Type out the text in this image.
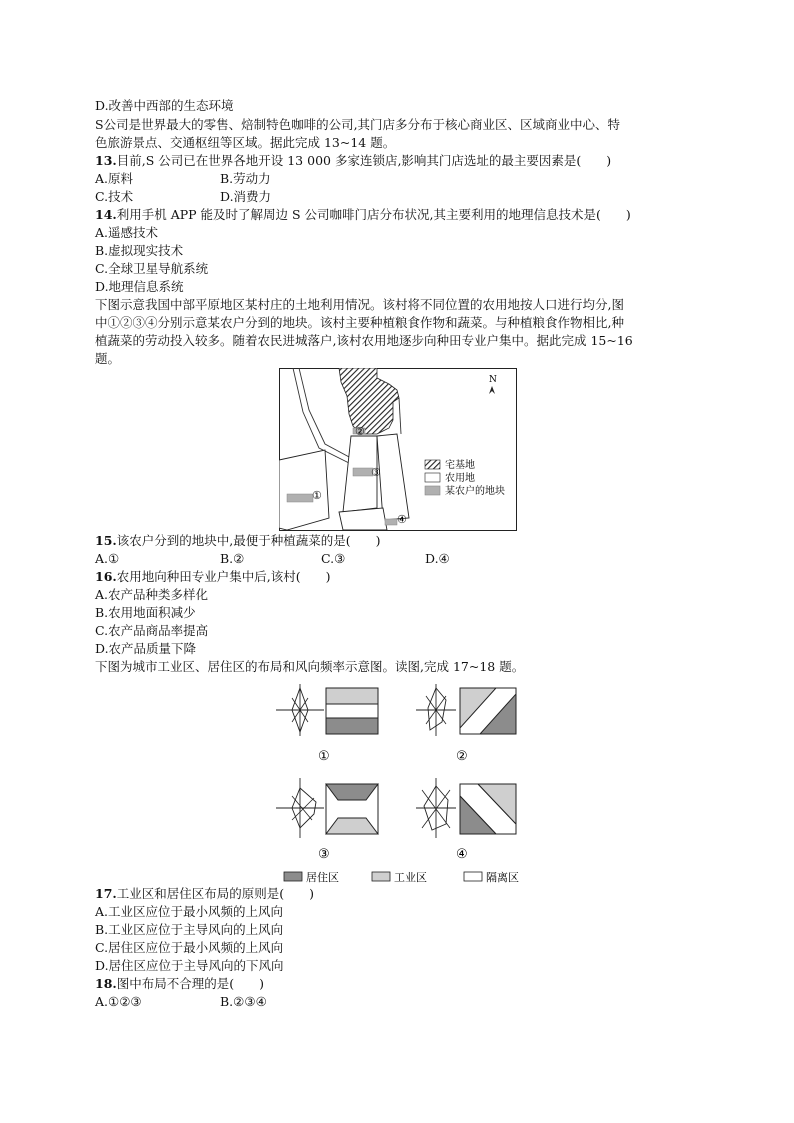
D.改善中西部的生态环境
S公司是世界最大的零售、焙制特色咖啡的公司,其门店多分布于核心商业区、区域商业中心、特
色旅游景点、交通枢纽等区域。据此完成 13~14 题。
13.目前,S 公司已在世界各地开设 13 000 多家连锁店,影响其门店选址的最主要因素是(　　)
A.原料	B.劳动力
C.技术	D.消费力
14.利用手机 APP 能及时了解周边 S 公司咖啡门店分布状况,其主要利用的地理信息技术是(　　)
A.遥感技术
B.虚拟现实技术
C.全球卫星导航系统
D.地理信息系统
下图示意我国中部平原地区某村庄的土地利用情况。该村将不同位置的农用地按人口进行均分,图
中①②③④分别示意某农户分到的地块。该村主要种植粮食作物和蔬菜。与种植粮食作物相比,种
植蔬菜的劳动投入较多。随着农民进城落户,该村农用地逐步向种田专业户集中。据此完成 15~16
题。
①
②
③
④
N
宅基地
农用地
某农户的地块
15.该农户分到的地块中,最便于种植蔬菜的是(　　)
A.①	B.②	C.③	D.④
16.农用地向种田专业户集中后,该村(　　)
A.农产品种类多样化
B.农用地面积减少
C.农产品商品率提高
D.农产品质量下降
下图为城市工业区、居住区的布局和风向频率示意图。读图,完成 17~18 题。
①	②
③	④
居住区	工业区	隔离区
17.工业区和居住区布局的原则是(　　)
A.工业区应位于最小风频的上风向
B.工业区应位于主导风向的上风向
C.居住区应位于最小风频的上风向
D.居住区应位于主导风向的下风向
18.图中布局不合理的是(　　)
A.①②③	B.②③④
